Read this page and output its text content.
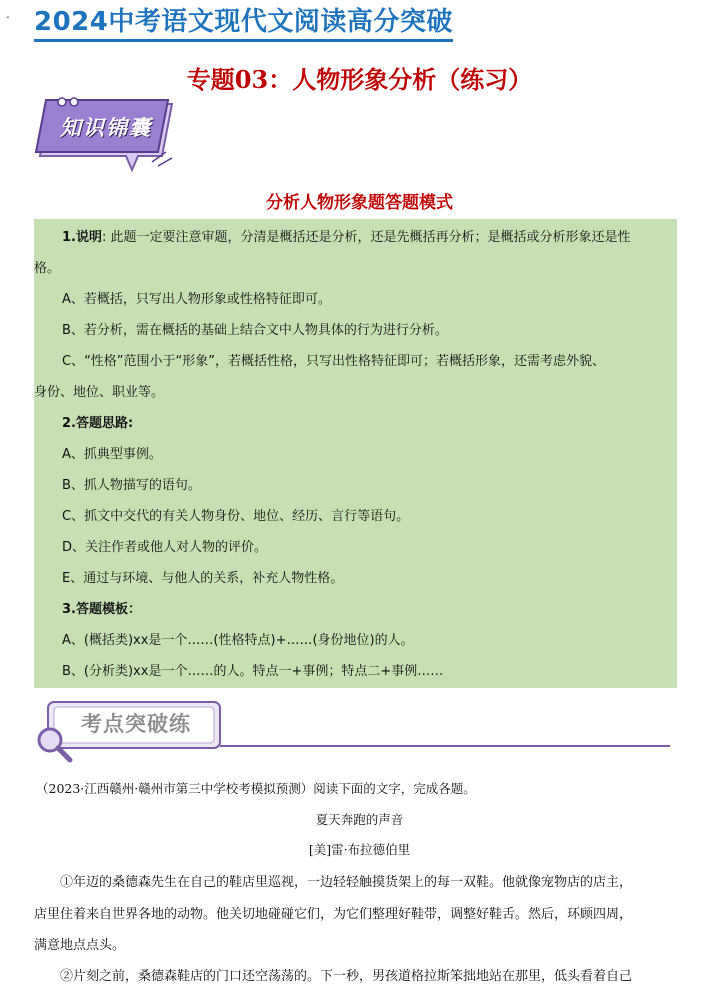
- 2024中考语文现代文阅读高分突破
专题03：人物形象分析（练习）
知识锦囊
分析人物形象题答题模式
1.说明: 此题一定要注意审题，分清是概括还是分析，还是先概括再分析；是概括或分析形象还是性
格。
A、若概括，只写出人物形象或性格特征即可。
B、若分析，需在概括的基础上结合文中人物具体的行为进行分析。
C、“性格”范围小于“形象”，若概括性格，只写出性格特征即可；若概括形象，还需考虑外貌、
身份、地位、职业等。
2.答题思路:
A、抓典型事例。
B、抓人物描写的语句。
C、抓文中交代的有关人物身份、地位、经历、言行等语句。
D、关注作者或他人对人物的评价。
E、通过与环境、与他人的关系，补充人物性格。
3.答题模板：
A、(概括类)xx是一个……(性格特点)+……(身份地位)的人。
B、(分析类)xx是一个……的人。特点一+事例；特点二+事例……
考点突破练
（2023·江西赣州·赣州市第三中学校考模拟预测）阅读下面的文字，完成各题。
夏天奔跑的声音
[美]雷·布拉德伯里
①年迈的桑德森先生在自己的鞋店里巡视，一边轻轻触摸货架上的每一双鞋。他就像宠物店的店主，
店里住着来自世界各地的动物。他关切地碰碰它们，为它们整理好鞋带，调整好鞋舌。然后，环顾四周，
满意地点点头。
②片刻之前，桑德森鞋店的门口还空荡荡的。下一秒，男孩道格拉斯笨拙地站在那里，低头看着自己
